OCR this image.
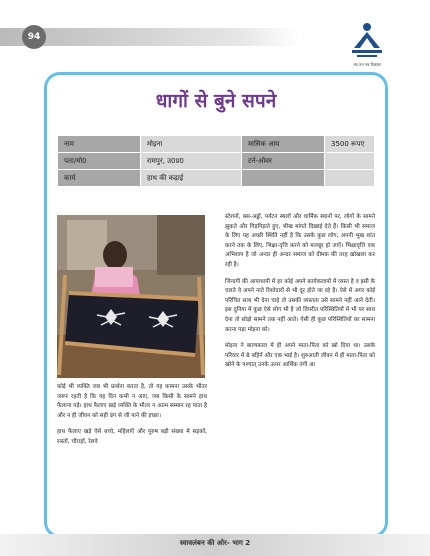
94
नव तत नव विकास
धागों से बुने सपने
नाम	मोइना	मासिक आय	3500 रूपए
पता/मो0	रामपुर, उ0प्र0	टर्न-ओवर	
कार्य	हाथ की कढ़ाई		

कोई भी व्यक्ति जब भी प्रार्थना करता है, तो यह कामना उसके भीतर जरूर रहती है कि यह दिन कभी न आए, जब किसी के सामने हाथ फैलाना पड़े। हाथ फैलाए खड़े व्यक्ति के भीतर न आत्म सम्मान रह पाता है और न ही जीवन को सही ढंग से जी पाने की इच्छा।

हाथ फैलाए खड़े ऐसे बच्चे, महिलाएँ और पुरुष बड़ी संख्या में सड़कों, रास्तों, चौराहों, रेलवे

स्टेशनों, बस-अड्डों, पर्यटन स्थलों और धार्मिक स्थानों पर, लोगों के सामने झुकते और गिड़गिड़ाते हुए, भीख मांगते दिखाई देते हैं। किसी भी समाज के लिए यह अच्छी स्थिति नहीं है कि उसके कुछ लोग, अपनी भूख शांत करने तक के लिए, भिक्षा-वृत्ति करने को मजबूर हो जाएँ। भिक्षावृत्ति एक अभिशाप है जो अन्दर ही अन्दर समाज को दीमक की तरह खोखला कर रही है।

जिन्दगी की आपाधापी में हर कोई अपने कार्यकलापों में व्यस्त है व इसी के चलते वे अपने नाते रिश्तेदारों से भी दूर होते जा रहे है। ऐसे में अगर कोई परिचित साथ भी देना चाहे तो उसकी व्यस्तता उसे सामने नहीं आने देती। इस दुनिया में कुछ ऐसे लोग भी है जो विपरीत परिस्थितियों में भी पर साथ देना तो छोड़ो सामने तक नहीं आते। ऐसी ही कुछ परिस्थितियों का सामना करना पड़ा मोइना को।

मोइना ने बाल्यकाल में ही अपने माता-पिता को खो दिया था। उसके परिवार में 8 बहिनें और एक भाई है। शुरुआती जीवन में ही माता-पिता को खोने के पश्चात् उनके ऊपर आर्थिक तंगी आ

स्वावलंबन की ओर- भाग 2
